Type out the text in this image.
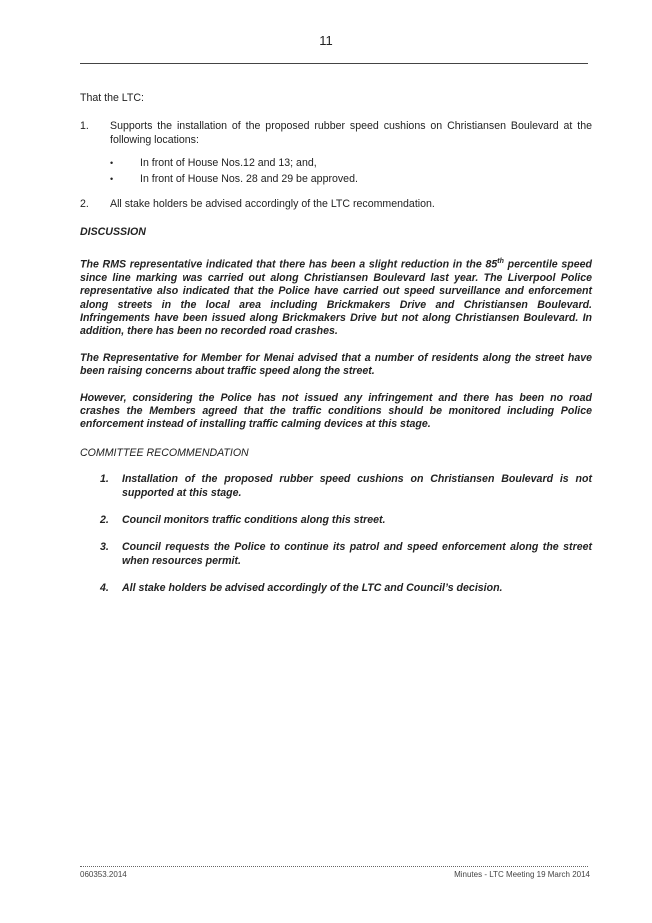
11

That the LTC:

1.	Supports the installation of the proposed rubber speed cushions on Christiansen Boulevard at the following locations:
•	In front of House Nos.12 and 13; and,
•	In front of House Nos. 28 and 29 be approved.
2.	All stake holders be advised accordingly of the LTC recommendation.

DISCUSSION

The RMS representative indicated that there has been a slight reduction in the 85th percentile speed since line marking was carried out along Christiansen Boulevard last year. The Liverpool Police representative also indicated that the Police have carried out speed surveillance and enforcement along streets in the local area including Brickmakers Drive and Christiansen Boulevard. Infringements have been issued along Brickmakers Drive but not along Christiansen Boulevard. In addition, there has been no recorded road crashes.

The Representative for Member for Menai advised that a number of residents along the street have been raising concerns about traffic speed along the street.

However, considering the Police has not issued any infringement and there has been no road crashes the Members agreed that the traffic conditions should be monitored including Police enforcement instead of installing traffic calming devices at this stage.

COMMITTEE RECOMMENDATION

1.	Installation of the proposed rubber speed cushions on Christiansen Boulevard is not supported at this stage.
2.	Council monitors traffic conditions along this street.
3.	Council requests the Police to continue its patrol and speed enforcement along the street when resources permit.
4.	All stake holders be advised accordingly of the LTC and Council’s decision.
060353.2014	Minutes - LTC Meeting 19 March 2014
